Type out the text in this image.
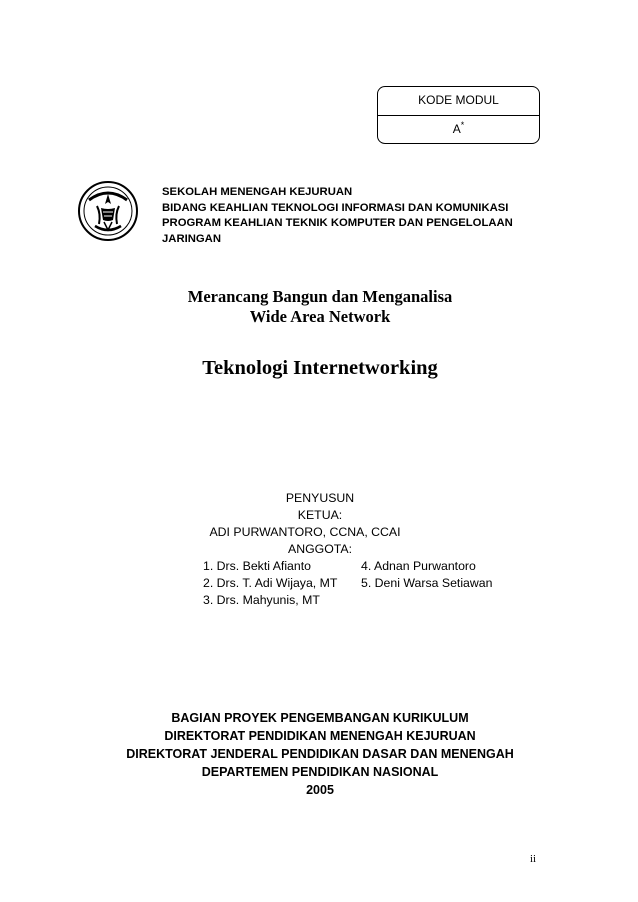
KODE MODUL
A*
SEKOLAH MENENGAH KEJURUAN
BIDANG KEAHLIAN TEKNOLOGI INFORMASI DAN KOMUNIKASI
PROGRAM KEAHLIAN TEKNIK KOMPUTER DAN PENGELOLAAN
JARINGAN
Merancang Bangun dan Menganalisa
Wide Area Network
Teknologi Internetworking
PENYUSUN
KETUA:
ADI PURWANTORO, CCNA, CCAI
ANGGOTA:
1. Drs. Bekti Afianto
2. Drs. T. Adi Wijaya, MT
3. Drs. Mahyunis, MT
4. Adnan Purwantoro
5. Deni Warsa Setiawan
BAGIAN PROYEK PENGEMBANGAN KURIKULUM
DIREKTORAT PENDIDIKAN MENENGAH KEJURUAN
DIREKTORAT JENDERAL PENDIDIKAN DASAR DAN MENENGAH
DEPARTEMEN PENDIDIKAN NASIONAL
2005
ii
